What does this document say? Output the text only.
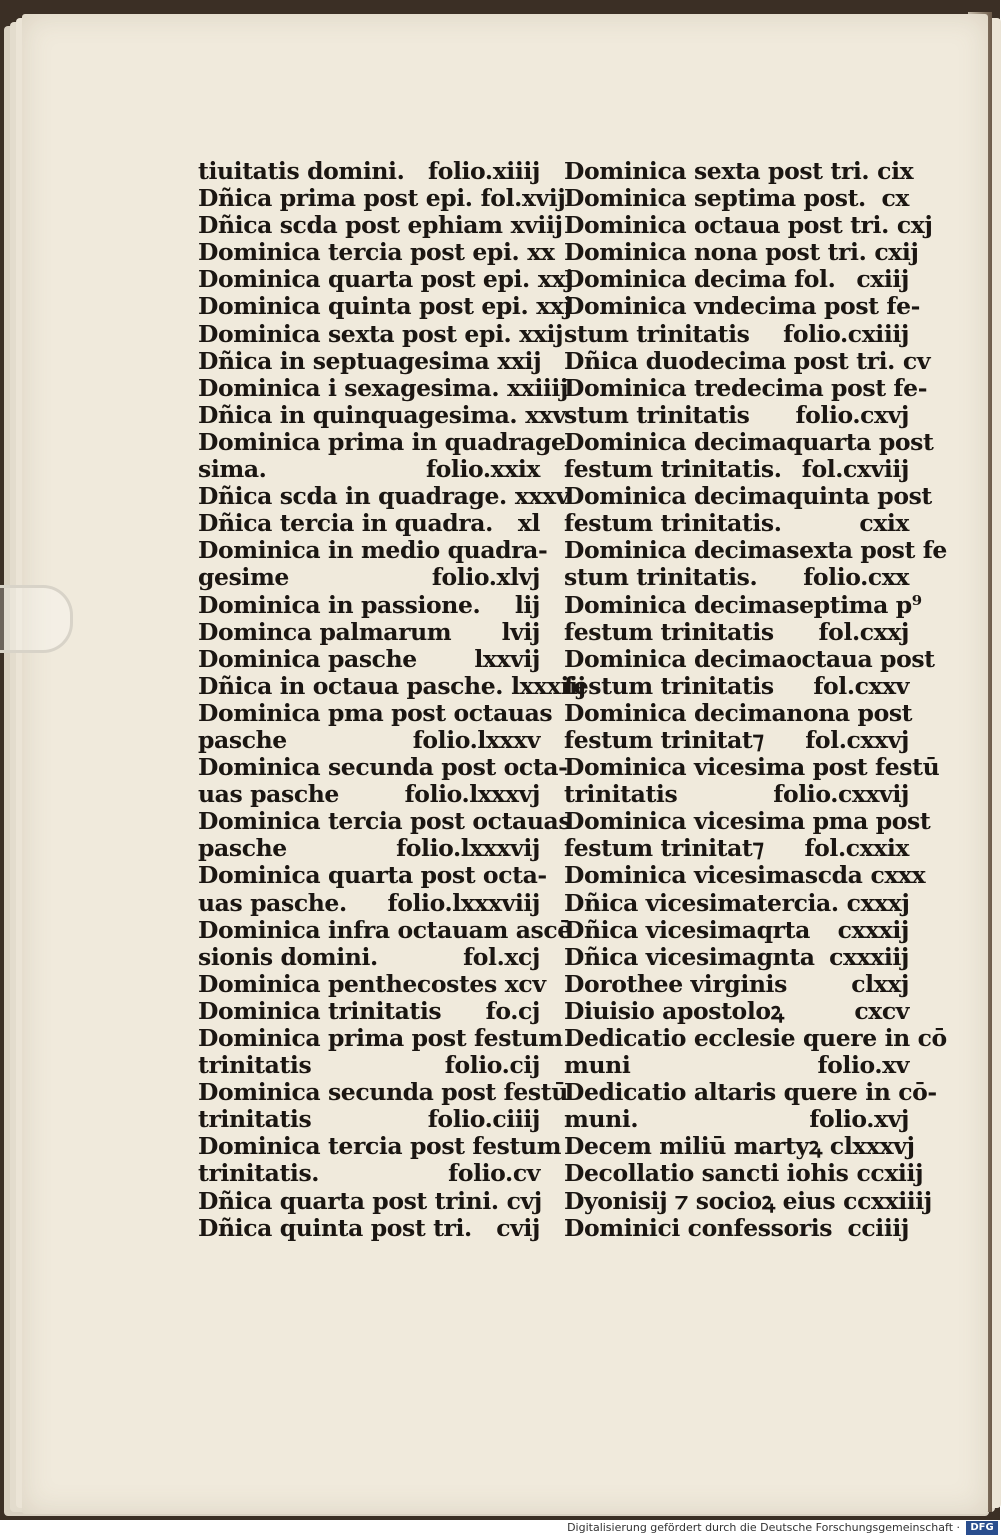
tiuitatis domini.	folio.xiiij
Dñica prima post epi. fol.xvij
Dñica scda post ephiam xviij
Dominica tercia post epi. xx
Dominica quarta post epi. xxj
Dominica quinta post epi. xxj
Dominica sexta post epi. xxij
Dñica in septuagesima xxij
Dominica i sexagesima. xxiiij
Dñica in quinquagesima. xxv
Dominica prima in quadrage
sima.	folio.xxix
Dñica scda in quadrage. xxxv
Dñica tercia in quadra.	xl
Dominica in medio quadra-
gesime	folio.xlvj
Dominica in passione.	lij
Dominca palmarum	lvij
Dominica pasche	lxxvij
Dñica in octaua pasche. lxxxiij
Dominica pma post octauas
pasche	folio.lxxxv
Dominica secunda post octa-
uas pasche	folio.lxxxvj
Dominica tercia post octauas
pasche	folio.lxxxvij
Dominica quarta post octa-
uas pasche.	folio.lxxxviij
Dominica infra octauam ascē
sionis domini.	fol.xcj
Dominica penthecostes xcv
Dominica trinitatis	fo.cj
Dominica prima post festum
trinitatis	folio.cij
Dominica secunda post festū
trinitatis	folio.ciiij
Dominica tercia post festum
trinitatis.	folio.cv
Dñica quarta post trini. cvj
Dñica quinta post tri.	cvij
Dominica sexta post tri. cix
Dominica septima post. cx
Dominica octaua post tri. cxj
Dominica nona post tri. cxij
Dominica decima fol. cxiij
Dominica vndecima post fe-
stum trinitatis	folio.cxiiij
Dñica duodecima post tri. cv
Dominica tredecima post fe-
stum trinitatis	folio.cxvj
Dominica decimaquarta post
festum trinitatis. fol.cxviij
Dominica decimaquinta post
festum trinitatis.	cxix
Dominica decimasexta post fe
stum trinitatis.	folio.cxx
Dominica decimaseptima p⁹
festum trinitatis	fol.cxxj
Dominica decimaoctaua post
festum trinitatis	fol.cxxv
Dominica decimanona post
festum trinitat⁊	fol.cxxvj
Dominica vicesima post festū
trinitatis	folio.cxxvij
Dominica vicesima pma post
festum trinitat⁊	fol.cxxix
Dominica vicesimascda cxxx
Dñica vicesimatercia. cxxxj
Dñica vicesimaqrta	cxxxij
Dñica vicesimagnta cxxxiij
Dorothee virginis	clxxj
Diuisio apostoloꝝ	cxcv
Dedicatio ecclesie quere in cō
muni	folio.xv
Dedicatio altaris quere in cō-
muni.	folio.xvj
Decem miliū martyꝝ clxxxvj
Decollatio sancti iohis ccxiij
Dyonisij ⁊ socioꝝ eius ccxxiiij
Dominici confessoris cciiij
Digitalisierung gefördert durch die Deutsche Forschungsgemeinschaft ·	DFG
